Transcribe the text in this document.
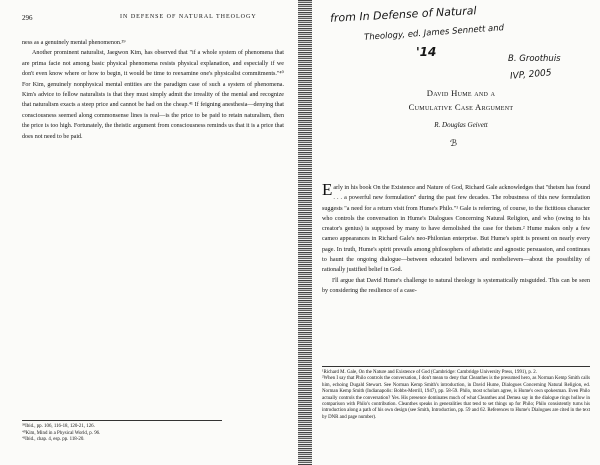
296	IN DEFENSE OF NATURAL THEOLOGY
ness as a genuinely mental phenomenon.³⁹
Another prominent naturalist, Jaegwon Kim, has observed that "if a whole system of phenomena that are prima facie not among basic physical phenomena resists physical explanation, and especially if we don't even know where or how to begin, it would be time to reexamine one's physicalist commitments."⁴⁰ For Kim, genuinely nonphysical mental entities are the paradigm case of such a system of phenomena. Kim's advice to fellow naturalists is that they must simply admit the irreality of the mental and recognize that naturalism exacts a steep price and cannot be had on the cheap.⁴¹ If feigning anesthesia—denying that consciousness seemed along commonsense lines is real—is the price to be paid to retain naturalism, then the price is too high. Fortunately, the theistic argument from consciousness reminds us that it is a price that does not need to be paid.
³⁹Ibid., pp. 106, 116-18, 120-21, 126.
⁴⁰Kim, Mind in a Physical World, p. 96.
⁴¹Ibid., chap. 4, esp. pp. 118-20.
from In Defense of Natural
Theology, ed. James Sennett and
'14	B. Groothuis
IVP, 2005
David Hume and a
Cumulative Case Argument
R. Douglas Geivett
ℬ
Early in his book On the Existence and Nature of God, Richard Gale acknowledges that "theism has found . . . a powerful new formulation" during the past few decades. The robustness of this new formulation suggests "a need for a return visit from Hume's Philo."¹ Gale is referring, of course, to the fictitious character who controls the conversation in Hume's Dialogues Concerning Natural Religion, and who (owing to his creator's genius) is supposed by many to have demolished the case for theism.² Hume makes only a few cameo appearances in Richard Gale's neo-Philonian enterprise. But Hume's spirit is present on nearly every page. In truth, Hume's spirit prevails among philosophers of atheistic and agnostic persuasion, and continues to haunt the ongoing dialogue—between educated believers and nonbelievers—about the possibility of rationally justified belief in God.
I'll argue that David Hume's challenge to natural theology is systematically misguided. This can be seen by considering the resilience of a case-
¹Richard M. Gale, On the Nature and Existence of God (Cambridge: Cambridge University Press, 1991), p. 2.
²When I say that Philo controls the conversation, I don't mean to deny that Cleanthes is the presumed hero, as Norman Kemp Smith calls him, echoing Dugald Stewart. See Norman Kemp Smith's introduction, in David Hume, Dialogues Concerning Natural Religion, ed. Norman Kemp Smith (Indianapolis: Bobbs-Merrill, 1947), pp. 58-59. Philo, most scholars agree, is Hume's own spokesman. Even Philo actually controls the conversation? Yes. His presence dominates much of what Cleanthes and Demea say in the dialogue rings hollow in comparison with Philo's contribution. Cleanthes speaks in generalities that tend to set things up for Philo; Philo consistently turns his introduction along a path of his own design (see Smith, Introduction, pp. 59 and 62. References to Hume's Dialogues are cited in the text by DNR and page number).
